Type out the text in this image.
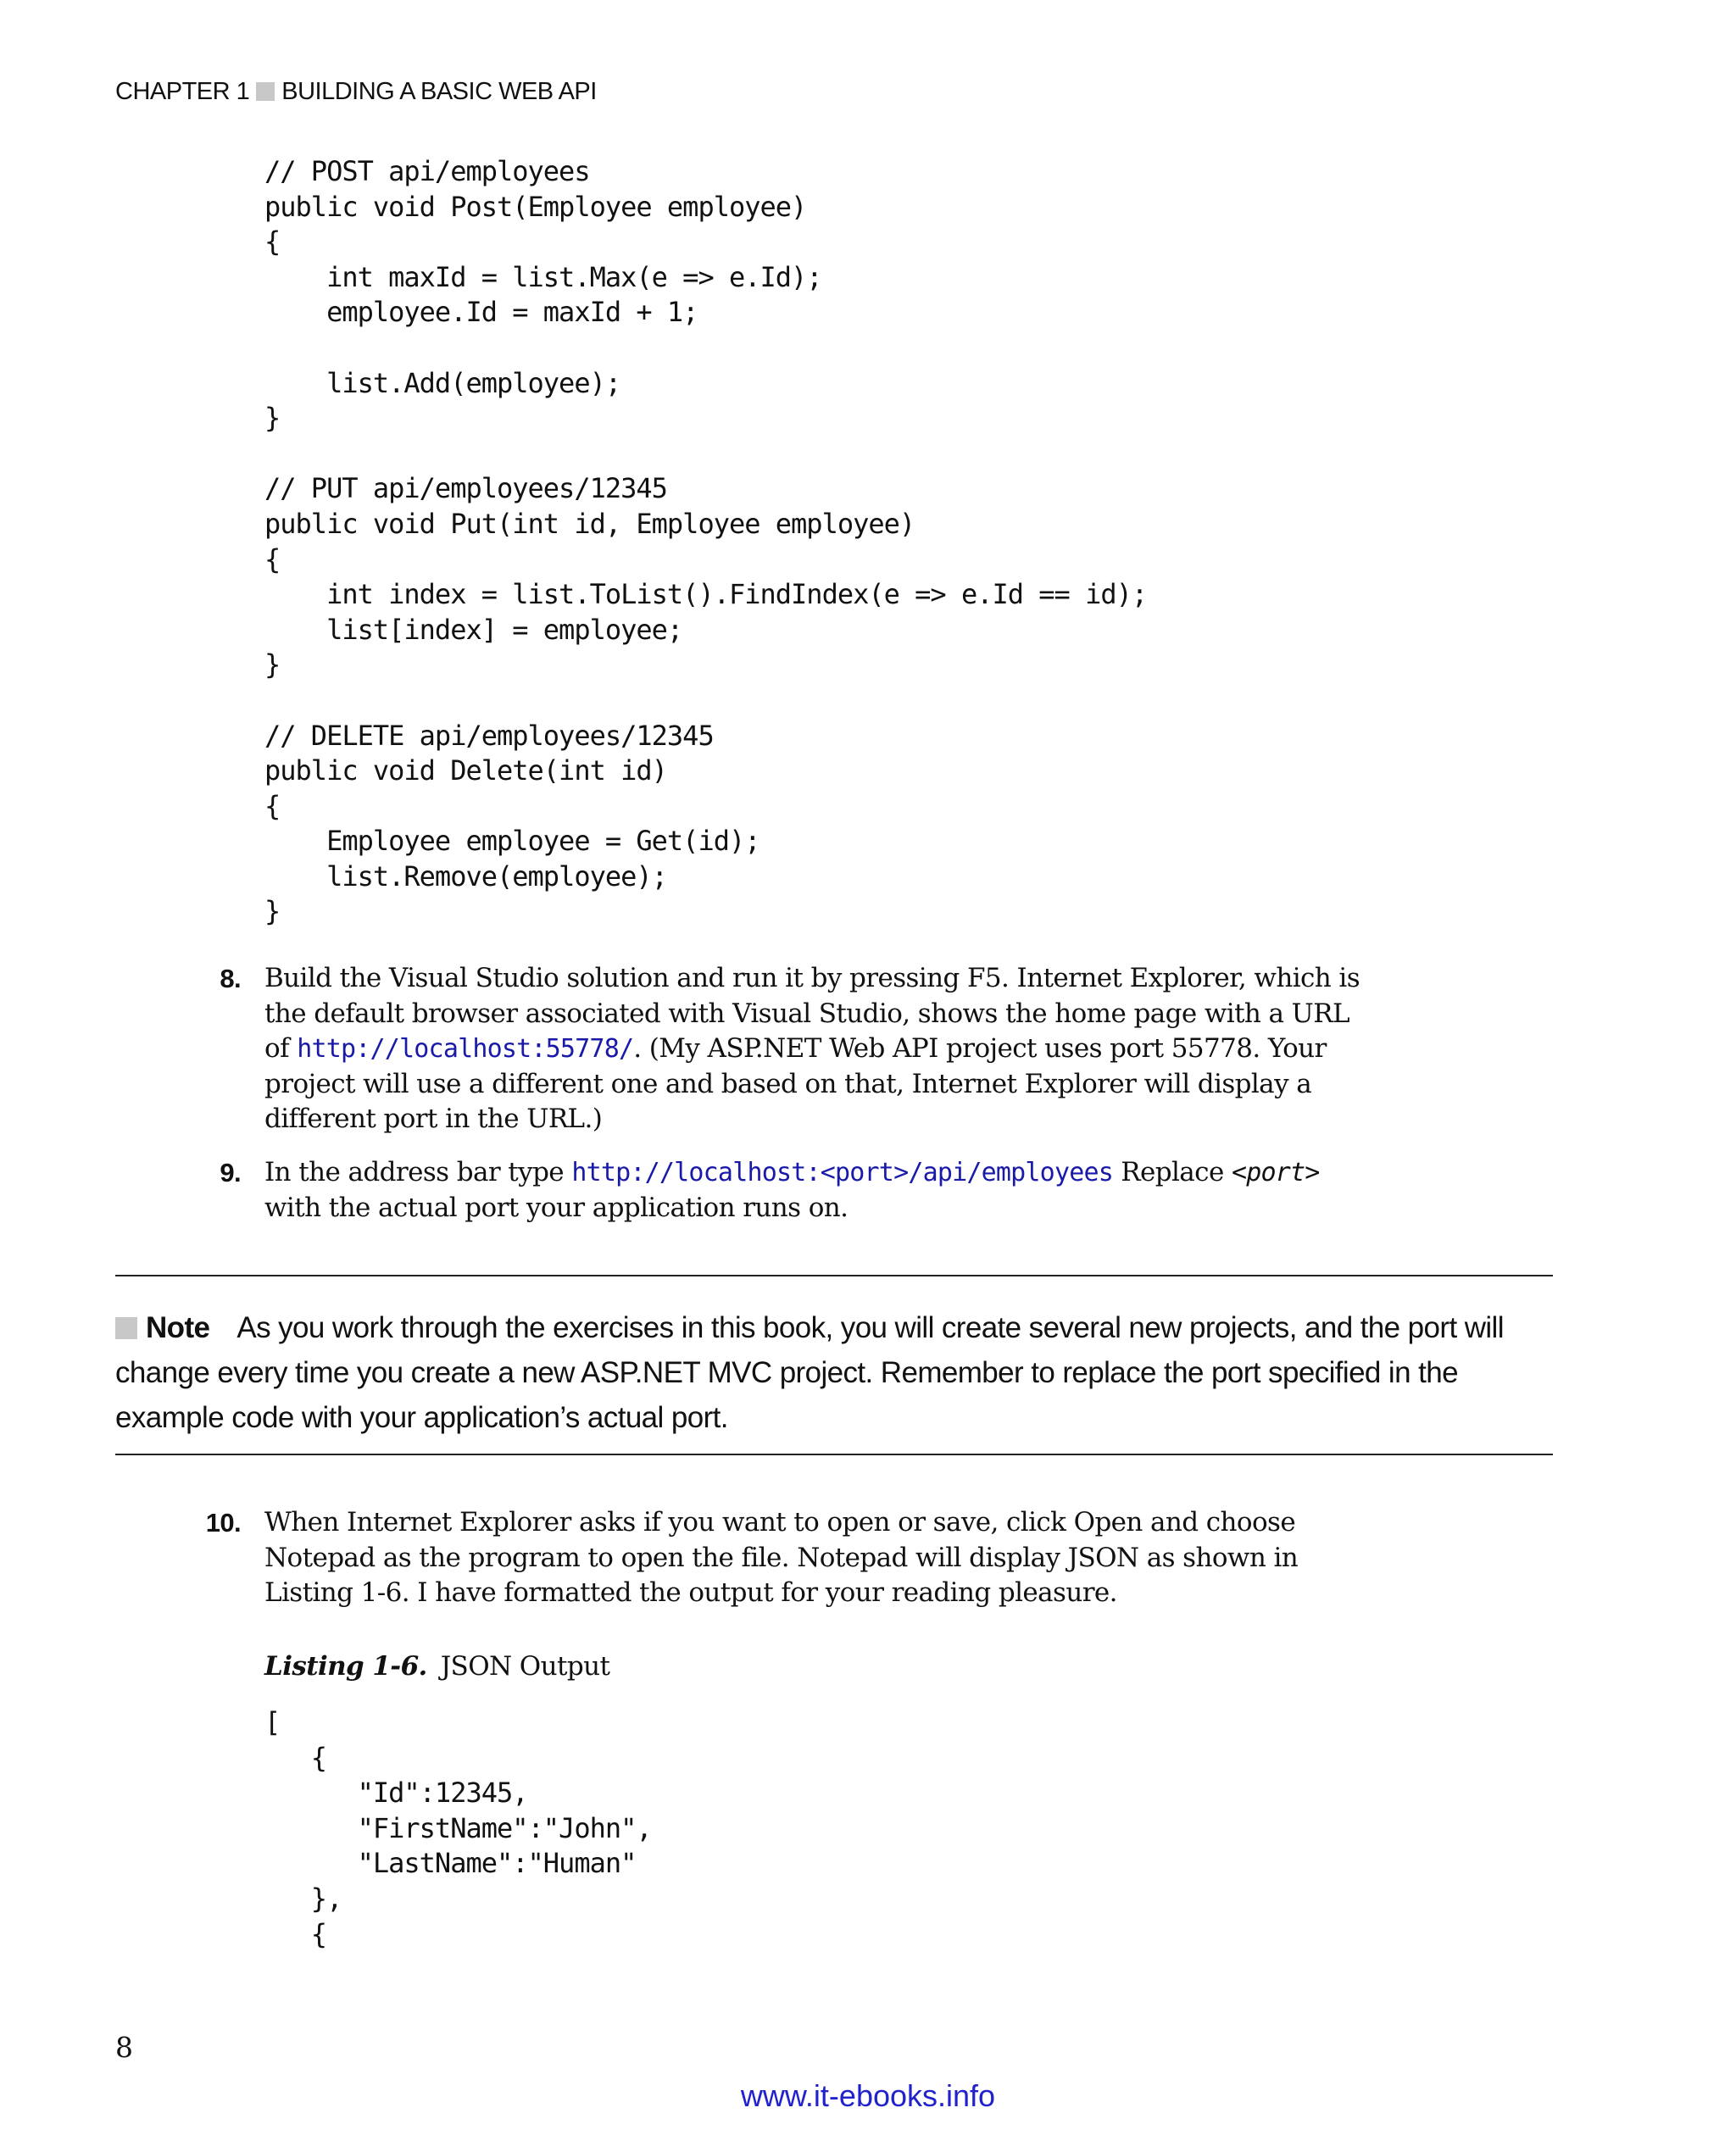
CHAPTER 1 BUILDING A BASIC WEB API
// POST api/employees
public void Post(Employee employee)
{
int maxId = list.Max(e => e.Id);
employee.Id = maxId + 1;

list.Add(employee);
}

// PUT api/employees/12345
public void Put(int id, Employee employee)
{
int index = list.ToList().FindIndex(e => e.Id == id);
list[index] = employee;
}

// DELETE api/employees/12345
public void Delete(int id)
{
Employee employee = Get(id);
list.Remove(employee);
}
8. Build the Visual Studio solution and run it by pressing F5. Internet Explorer, which is the default browser associated with Visual Studio, shows the home page with a URL of http://localhost:55778/. (My ASP.NET Web API project uses port 55778. Your project will use a different one and based on that, Internet Explorer will display a different port in the URL.)
9. In the address bar type http://localhost:<port>/api/employees Replace <port> with the actual port your application runs on.
Note As you work through the exercises in this book, you will create several new projects, and the port will change every time you create a new ASP.NET MVC project. Remember to replace the port specified in the example code with your application’s actual port.
10. When Internet Explorer asks if you want to open or save, click Open and choose Notepad as the program to open the file. Notepad will display JSON as shown in Listing 1-6. I have formatted the output for your reading pleasure.
Listing 1-6. JSON Output
[
{
"Id":12345,
"FirstName":"John",
"LastName":"Human"
},
{
8
www.it-ebooks.info
